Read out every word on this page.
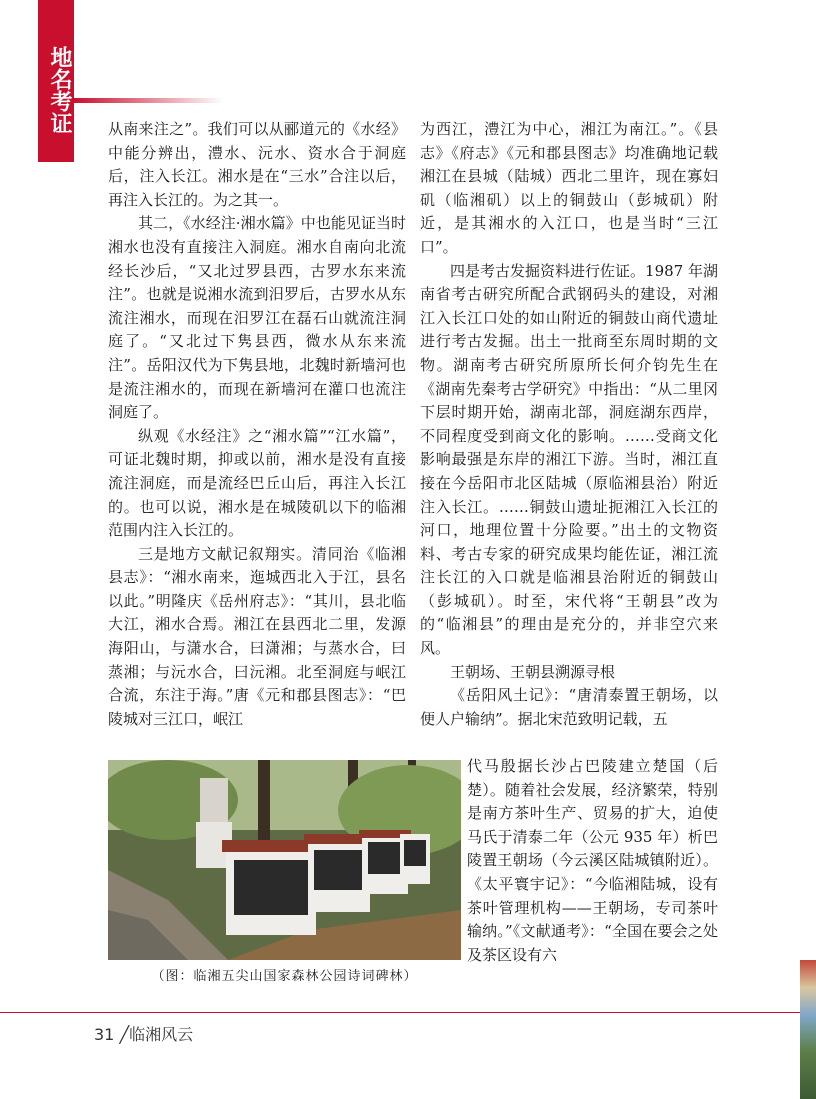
地名考证 从南来注之”。我们可以从郦道元的《水经》中能分辨出，澧水、沅水、资水合于洞庭后，注入长江。湘水是在“三水”合注以后，再注入长江的。为之其一。

其二，《水经注·湘水篇》中也能见证当时湘水也没有直接注入洞庭。湘水自南向北流经长沙后，“又北过罗县西，古罗水东来流注”。也就是说湘水流到汨罗后，古罗水从东流注湘水，而现在汨罗江在磊石山就流注洞庭了。“又北过下隽县西，微水从东来流注”。岳阳汉代为下隽县地，北魏时新墙河也是流注湘水的，而现在新墙河在灌口也流注洞庭了。

纵观《水经注》之“湘水篇”“江水篇”，可证北魏时期，抑或以前，湘水是没有直接流注洞庭，而是流经巴丘山后，再注入长江的。也可以说，湘水是在城陵矶以下的临湘范围内注入长江的。

三是地方文献记叙翔实。清同治《临湘县志》：“湘水南来，迤城西北入于江，县名以此。”明隆庆《岳州府志》：“其川，县北临大江，湘水合焉。湘江在县西北二里，发源海阳山，与潇水合，曰潇湘；与蒸水合，曰蒸湘；与沅水合，曰沅湘。北至洞庭与岷江合流，东注于海。”唐《元和郡县图志》：“巴陵城对三江口，岷江

为西江，澧江为中心，湘江为南江。”。《县志》《府志》《元和郡县图志》均准确地记载湘江在县城（陆城）西北二里许，现在寡妇矶（临湘矶）以上的铜鼓山（彭城矶）附近，是其湘水的入江口，也是当时“三江口”。

四是考古发掘资料进行佐证。1987 年湖南省考古研究所配合武钢码头的建设，对湘江入长江口处的如山附近的铜鼓山商代遗址进行考古发掘。出土一批商至东周时期的文物。湖南考古研究所原所长何介钧先生在《湖南先秦考古学研究》中指出：“从二里冈下层时期开始，湖南北部，洞庭湖东西岸，不同程度受到商文化的影响。……受商文化影响最强是东岸的湘江下游。当时，湘江直接在今岳阳市北区陆城（原临湘县治）附近注入长江。……铜鼓山遗址扼湘江入长江的河口，地理位置十分险要。”出土的文物资料、考古专家的研究成果均能佐证，湘江流注长江的入口就是临湘县治附近的铜鼓山（彭城矶）。时至，宋代将“王朝县”改为的“临湘县”的理由是充分的，并非空穴来风。

王朝场、王朝县溯源寻根

《岳阳风土记》：“唐清泰置王朝场，以便人户输纳”。据北宋范致明记载，五

代马殷据长沙占巴陵建立楚国（后楚）。随着社会发展，经济繁荣，特别是南方茶叶生产、贸易的扩大，迫使马氏于清泰二年（公元 935 年）析巴陵置王朝场（今云溪区陆城镇附近）。《太平寰宇记》：“今临湘陆城，设有茶叶管理机构——王朝场，专司茶叶输纳。”《文献通考》：“全国在要会之处及茶区设有六

（图：临湘五尖山国家森林公园诗词碑林）
31 ╱临湘风云
